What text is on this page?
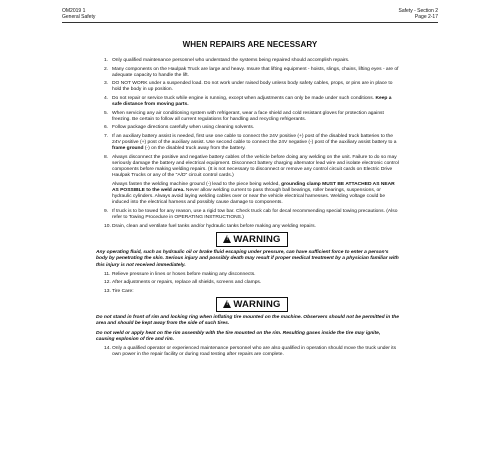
OM2019 1
General Safety
Safety - Section 2
Page 2-17
WHEN REPAIRS ARE NECESSARY
1. Only qualified maintenance personnel who understand the systems being repaired should accomplish repairs.
2. Many components on the Haulpak Truck are large and heavy. Insure that lifting equipment - hoists, slings, chains, lifting eyes - are of adequate capacity to handle the lift.
3. DO NOT WORK under a suspended load. Do not work under raised body unless body safety cables, props, or pins are in place to hold the body in up position.
4. Do not repair or service truck while engine is running, except when adjustments can only be made under such conditions. Keep a safe distance from moving parts.
5. When servicing any air conditioning system with refrigerant, wear a face shield and cold resistant gloves for protection against freezing. Be certain to follow all current regulations for handling and recycling refrigerants.
6. Follow package directions carefully when using cleaning solvents.
7. If an auxiliary battery assist is needed, first use one cable to connect the 24V positive (+) post of the disabled truck batteries to the 24V positive (+) post of the auxiliary assist. Use second cable to connect the 24V negative (-) post of the auxiliary assist battery to a frame ground (-) on the disabled truck away from the battery.
8. Always disconnect the positive and negative battery cables of the vehicle before doing any welding on the unit. Failure to do so may seriously damage the battery and electrical equipment. Disconnect battery charging alternator lead wire and isolate electronic control components before making welding repairs. (It is not necessary to disconnect or remove any control circuit cards on Electric Drive Haulpak Trucks or any of the "A/D" circuit control cards.)
Always fasten the welding machine ground (-) lead to the piece being welded, grounding clamp MUST BE ATTACHED AS NEAR AS POSSIBLE to the weld area. Never allow welding current to pass through ball bearings, roller bearings, suspensions, or hydraulic cylinders. Always avoid laying welding cables over or near the vehicle electrical harnesses. Welding voltage could be induced into the electrical harness and possibly cause damage to components.
9. If truck is to be towed for any reason, use a rigid tow bar. Check truck cab for decal recommending special towing precautions. (Also refer to Towing Procedure in OPERATING INSTRUCTIONS.)
10. Drain, clean and ventilate fuel tanks and/or hydraulic tanks before making any welding repairs.
! WARNING
Any operating fluid, such as hydraulic oil or brake fluid escaping under pressure, can have sufficient force to enter a person's body by penetrating the skin. Serious injury and possibly death may result if proper medical treatment by a physician familiar with this injury is not received immediately.
11. Relieve pressure in lines or hoses before making any disconnects.
12. After adjustments or repairs, replace all shields, screens and clamps.
13. Tire Care:
! WARNING
Do not stand in front of rim and locking ring when inflating tire mounted on the machine. Observers should not be permitted in the area and should be kept away from the side of such tires.
Do not weld or apply heat on the rim assembly with the tire mounted on the rim. Resulting gases inside the tire may ignite, causing explosion of tire and rim.
14. Only a qualified operator or experienced maintenance personnel who are also qualified in operation should move the truck under its own power in the repair facility or during road testing after repairs are complete.
